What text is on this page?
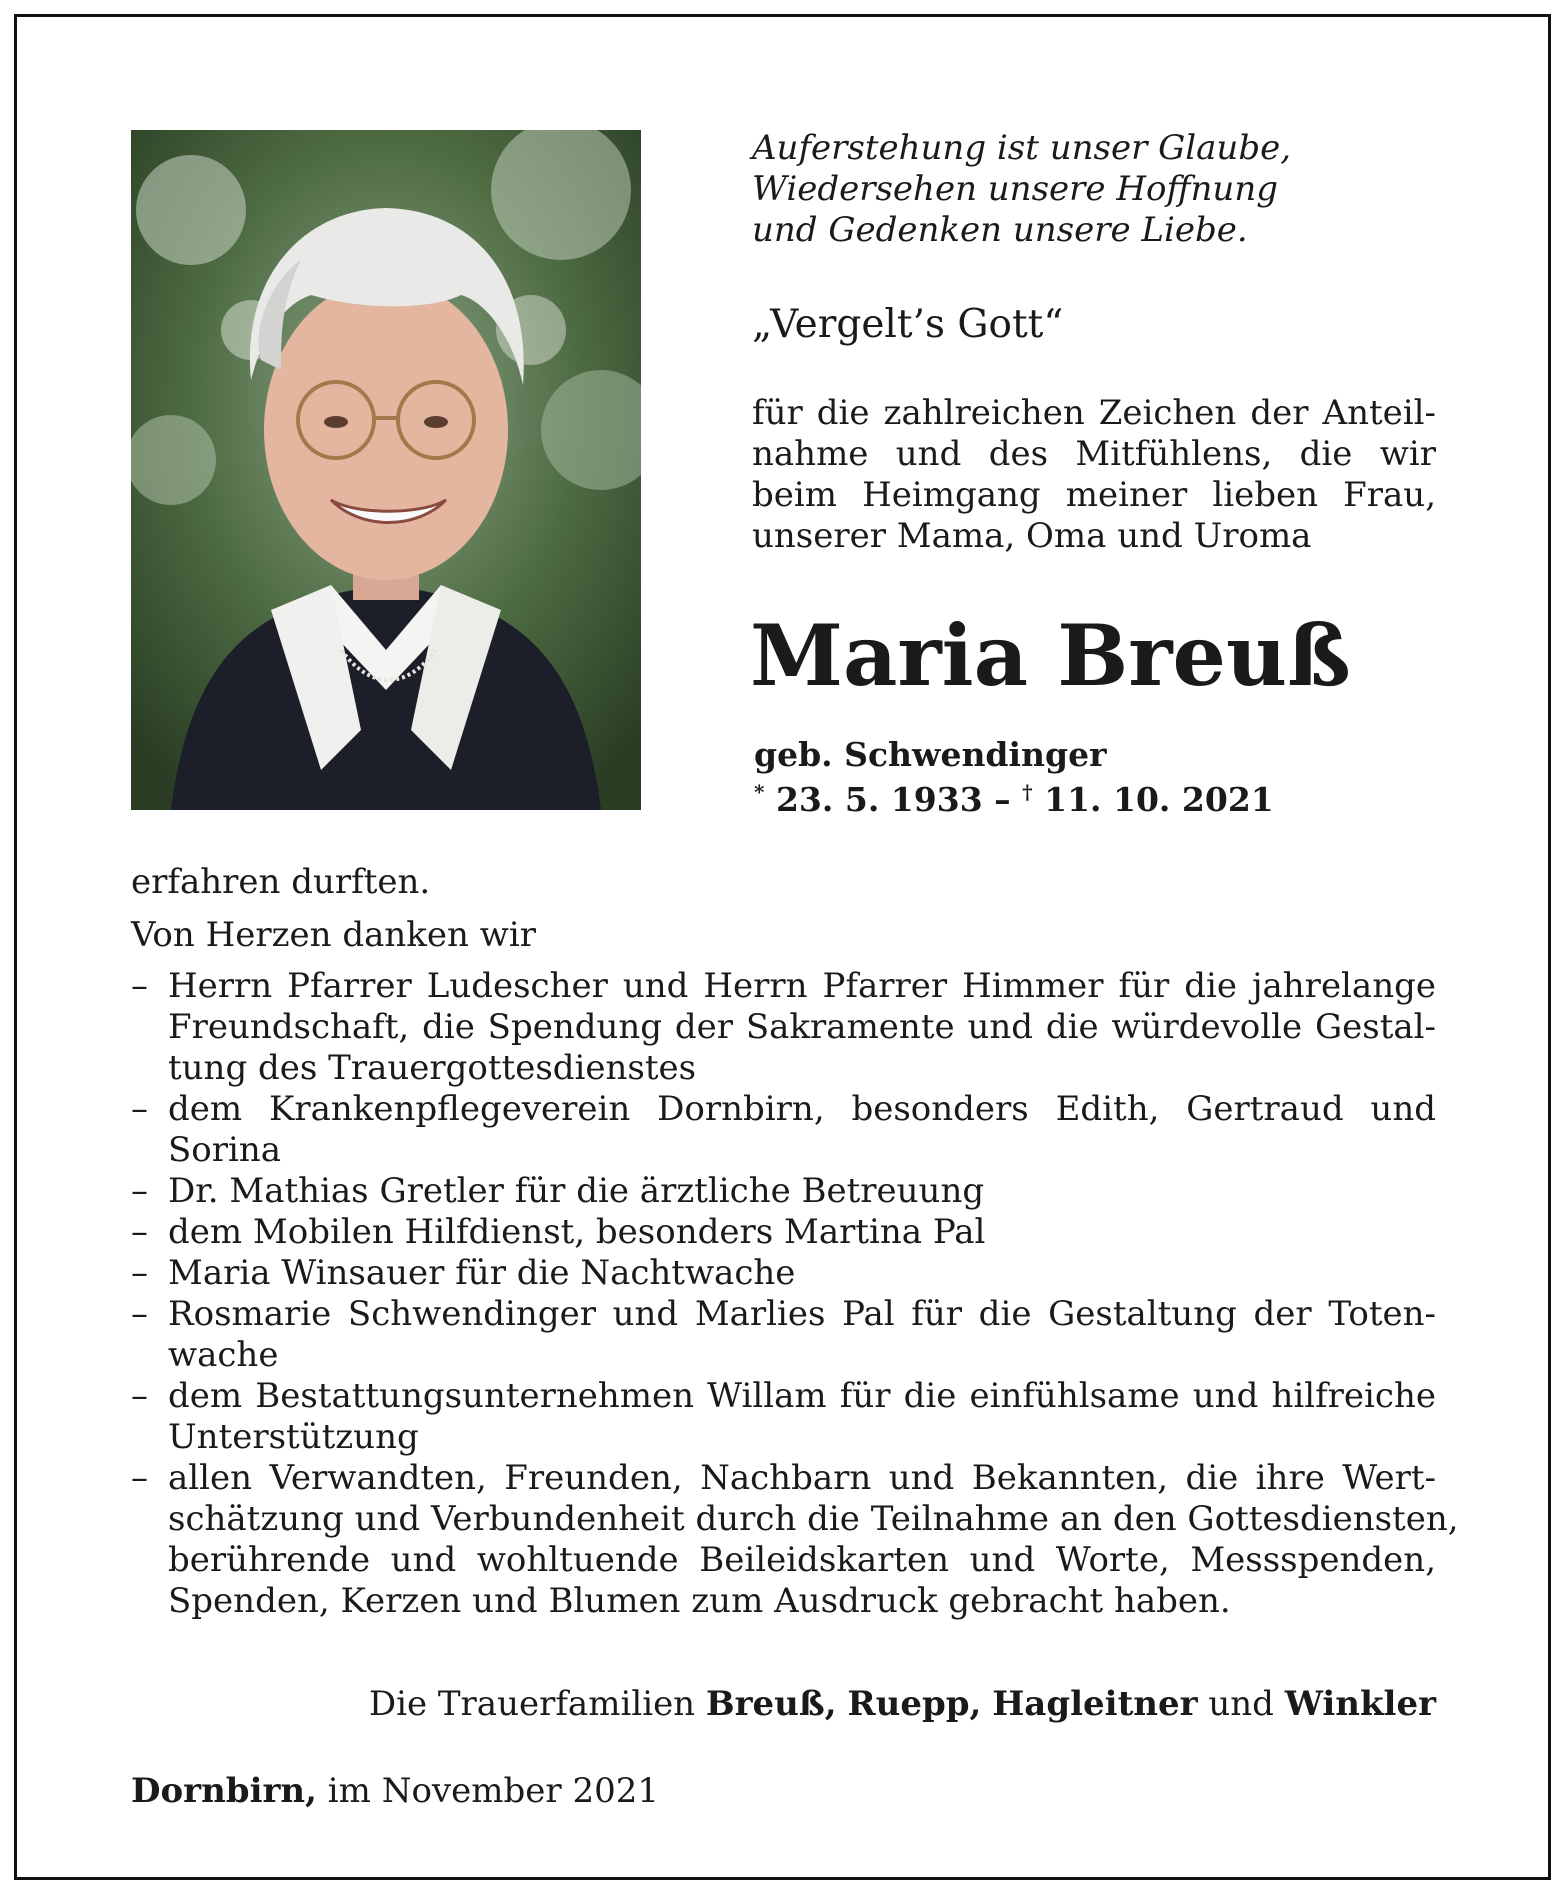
Auferstehung ist unser Glaube,
Wiedersehen unsere Hoffnung
und Gedenken unsere Liebe.
„Vergelt’s Gott“
für die zahlreichen Zeichen der Anteil-
nahme und des Mitfühlens, die wir
beim Heimgang meiner lieben Frau,
unserer Mama, Oma und Uroma
Maria Breuß
geb. Schwendinger
* 23. 5. 1933 – † 11. 10. 2021
erfahren durften.
Von Herzen danken wir
– Herrn Pfarrer Ludescher und Herrn Pfarrer Himmer für die jahrelange
Freundschaft, die Spendung der Sakramente und die würdevolle Gestal-
tung des Trauergottesdienstes
– dem Krankenpflegeverein Dornbirn, besonders Edith, Gertraud und
Sorina
– Dr. Mathias Gretler für die ärztliche Betreuung
– dem Mobilen Hilfdienst, besonders Martina Pal
– Maria Winsauer für die Nachtwache
– Rosmarie Schwendinger und Marlies Pal für die Gestaltung der Toten-
wache
– dem Bestattungsunternehmen Willam für die einfühlsame und hilfreiche
Unterstützung
– allen Verwandten, Freunden, Nachbarn und Bekannten, die ihre Wert-
schätzung und Verbundenheit durch die Teilnahme an den Gottesdiensten,
berührende und wohltuende Beileidskarten und Worte, Messspenden,
Spenden, Kerzen und Blumen zum Ausdruck gebracht haben.
Die Trauerfamilien Breuß, Ruepp, Hagleitner und Winkler
Dornbirn, im November 2021
